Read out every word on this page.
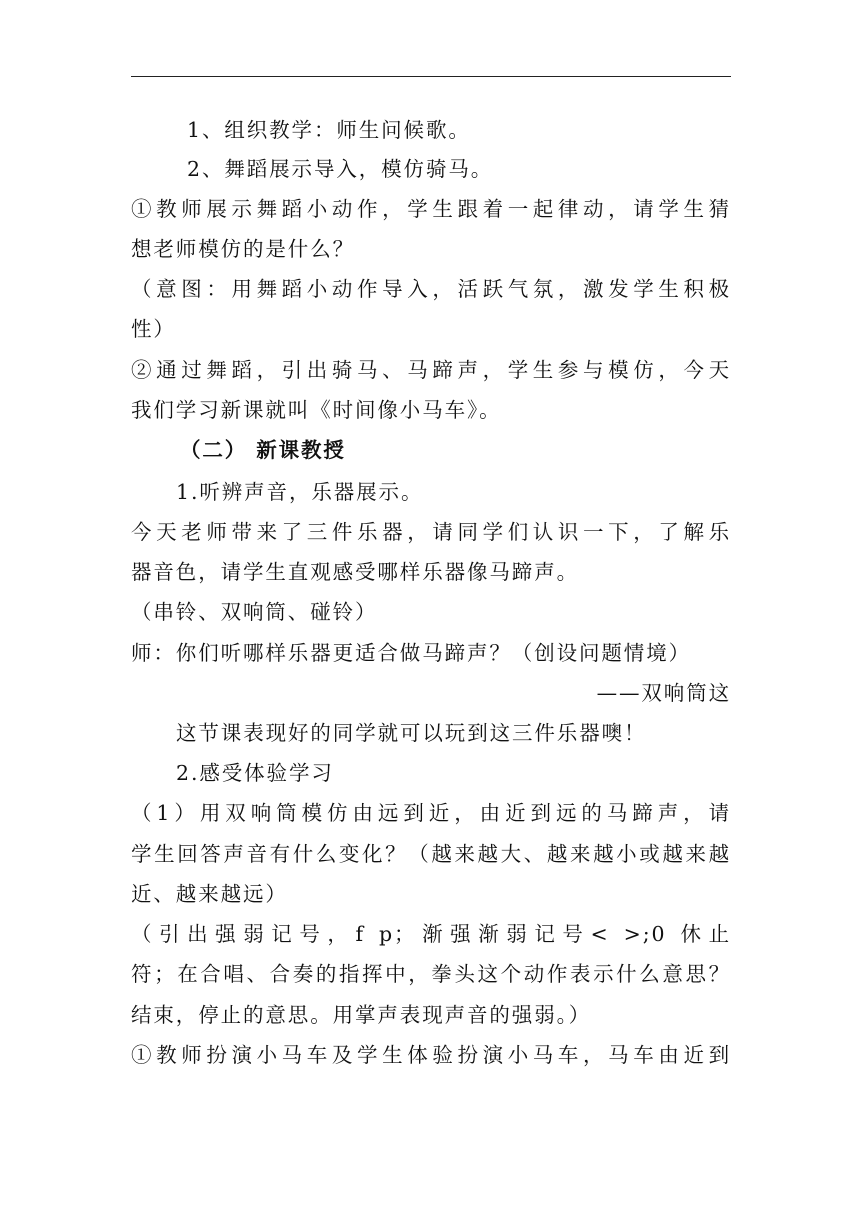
1、组织教学：师生问候歌。
2、舞蹈展示导入，模仿骑马。
①教师展示舞蹈小动作，学生跟着一起律动，请学生猜
想老师模仿的是什么？
（意图：用舞蹈小动作导入，活跃气氛，激发学生积极
性）
②通过舞蹈，引出骑马、马蹄声，学生参与模仿，今天
我们学习新课就叫《时间像小马车》。
（二） 新课教授
1.听辨声音，乐器展示。
今天老师带来了三件乐器，请同学们认识一下，了解乐
器音色，请学生直观感受哪样乐器像马蹄声。
（串铃、双响筒、碰铃）
师：你们听哪样乐器更适合做马蹄声？（创设问题情境）
——双响筒这
这节课表现好的同学就可以玩到这三件乐器噢！
2.感受体验学习
（1）用双响筒模仿由远到近，由近到远的马蹄声，请
学生回答声音有什么变化？（越来越大、越来越小或越来越
近、越来越远）
（引出强弱记号，f p；渐强渐弱记号< >;0 休止
符；在合唱、合奏的指挥中，拳头这个动作表示什么意思？
结束，停止的意思。用掌声表现声音的强弱。）
①教师扮演小马车及学生体验扮演小马车，马车由近到
